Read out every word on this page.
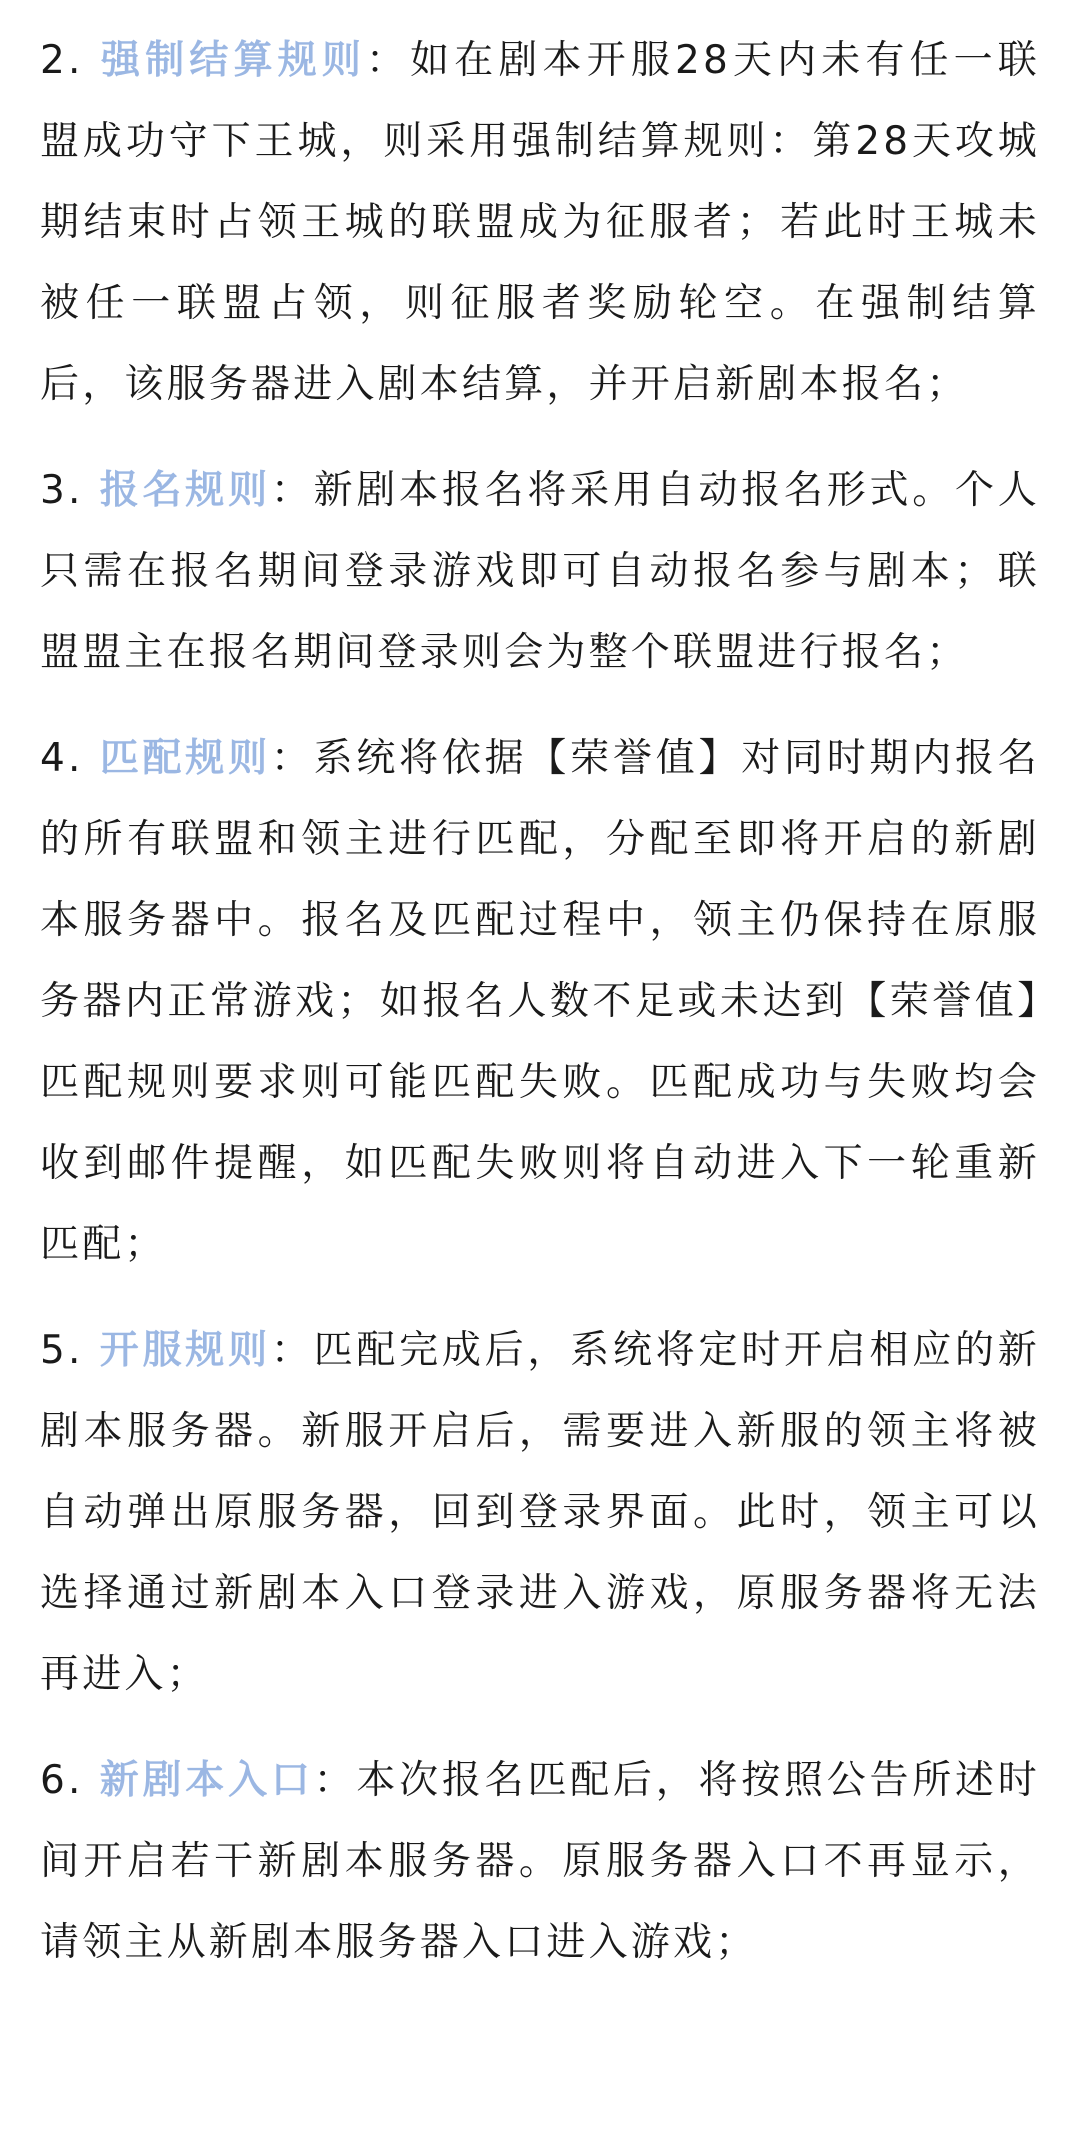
2. 强制结算规则：如在剧本开服28天内未有任一联盟成功守下王城，则采用强制结算规则：第28天攻城期结束时占领王城的联盟成为征服者；若此时王城未被任一联盟占领，则征服者奖励轮空。在强制结算后，该服务器进入剧本结算，并开启新剧本报名；

3. 报名规则：新剧本报名将采用自动报名形式。个人只需在报名期间登录游戏即可自动报名参与剧本；联盟盟主在报名期间登录则会为整个联盟进行报名；

4. 匹配规则：系统将依据【荣誉值】对同时期内报名的所有联盟和领主进行匹配，分配至即将开启的新剧本服务器中。报名及匹配过程中，领主仍保持在原服务器内正常游戏；如报名人数不足或未达到【荣誉值】匹配规则要求则可能匹配失败。匹配成功与失败均会收到邮件提醒，如匹配失败则将自动进入下一轮重新匹配；

5. 开服规则：匹配完成后，系统将定时开启相应的新剧本服务器。新服开启后，需要进入新服的领主将被自动弹出原服务器，回到登录界面。此时，领主可以选择通过新剧本入口登录进入游戏，原服务器将无法再进入；

6. 新剧本入口：本次报名匹配后，将按照公告所述时间开启若干新剧本服务器。原服务器入口不再显示，请领主从新剧本服务器入口进入游戏；
